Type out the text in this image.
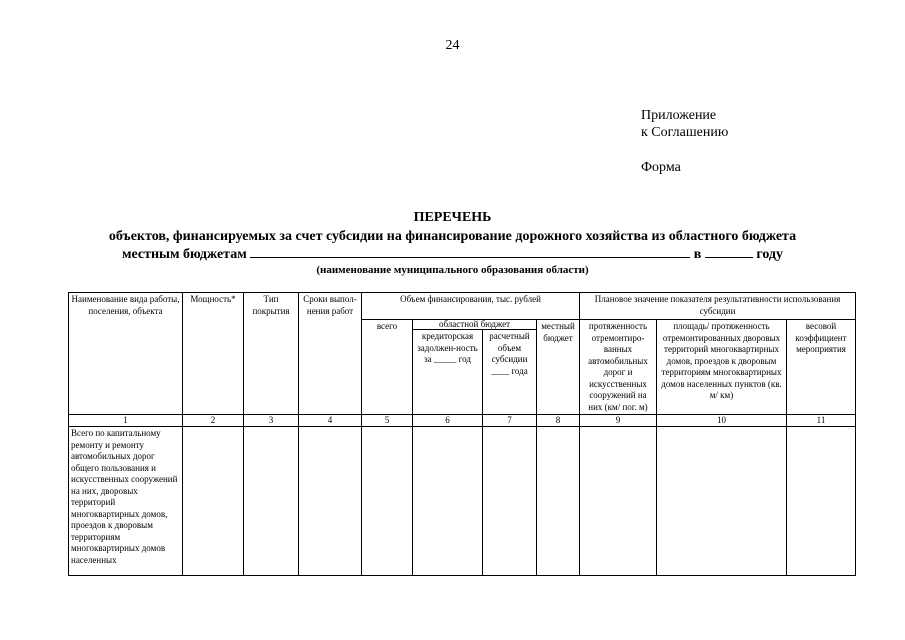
24
Приложение
к Соглашению
Форма
ПЕРЕЧЕНЬ
объектов, финансируемых за счет субсидии на финансирование дорожного хозяйства из областного бюджета
местным бюджетам	в	году
(наименование муниципального образования области)
Наименование вида работы, поселения, объекта	Мощность*	Тип покрытия	Сроки выпол-нения работ	Объем финансирования, тыс. рублей				Плановое значение показателя результативности использования субсидии		
				всего	областной бюджет		местный бюджет	протяженность отремонтиро-ванных автомобильных дорог и искусственных сооружений на них (км/ пог. м)	площадь/ протяженность отремонтированных дворовых территорий многоквартирных домов, проездов к дворовым территориям многоквартирных домов населенных пунктов (кв. м/ км)	весовой коэффициент мероприятия
					кредиторская задолжен-ность за _____ год	расчетный объем субсидии ____ года				
1	2	3	4	5	6	7	8	9	10	11
Всего по капитальному ремонту и ремонту автомобильных дорог общего пользования и искусственных сооружений на них, дворовых территорий многоквартирных домов, проездов к дворовым территориям многоквартирных домов населенных										
